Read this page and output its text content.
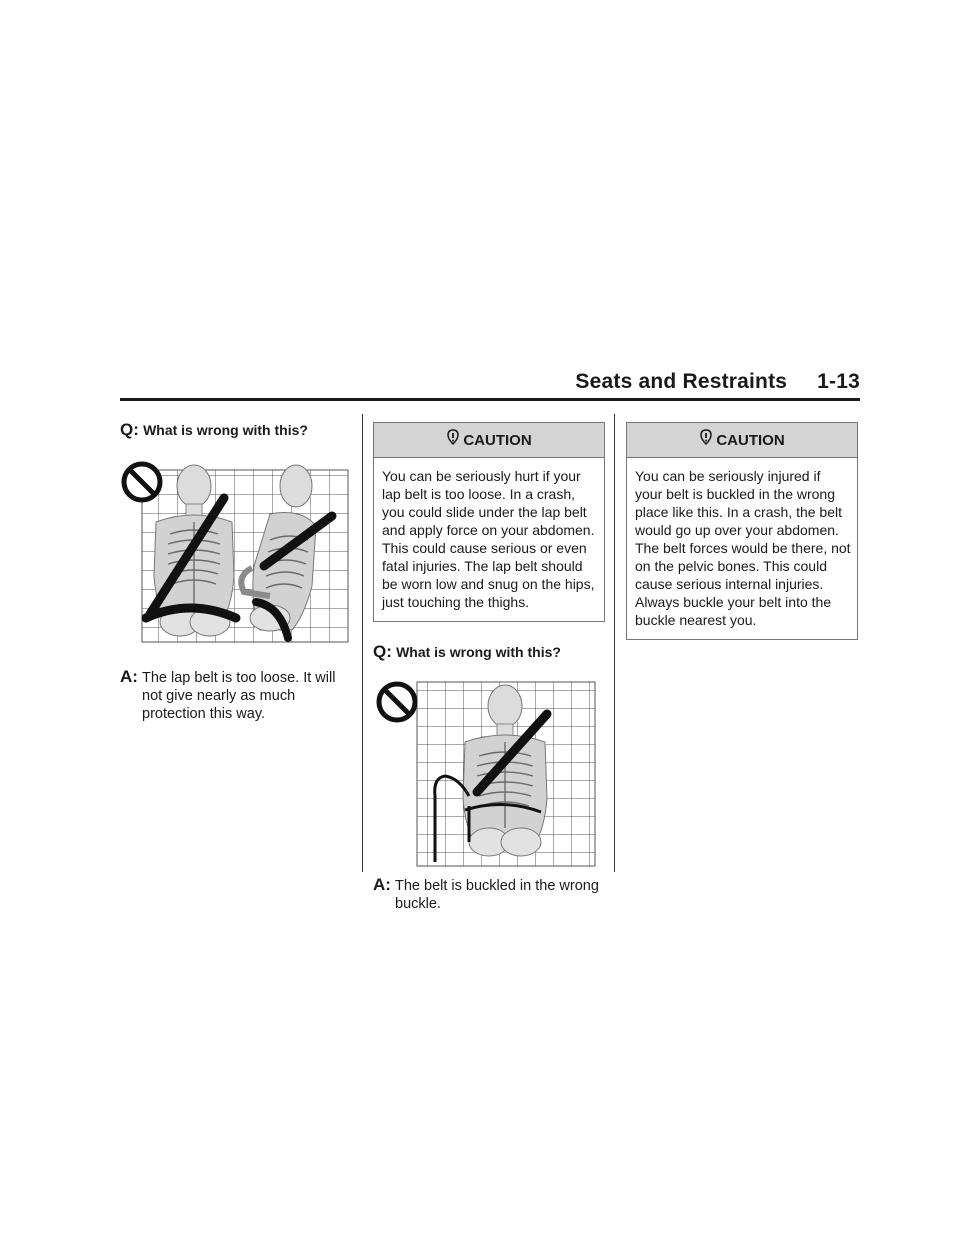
Seats and Restraints 1-13
Q: What is wrong with this?
A: The lap belt is too loose. It will not give nearly as much protection this way.
CAUTION
You can be seriously hurt if your lap belt is too loose. In a crash, you could slide under the lap belt and apply force on your abdomen. This could cause serious or even fatal injuries. The lap belt should be worn low and snug on the hips, just touching the thighs.
Q: What is wrong with this?
A: The belt is buckled in the wrong buckle.
CAUTION
You can be seriously injured if your belt is buckled in the wrong place like this. In a crash, the belt would go up over your abdomen. The belt forces would be there, not on the pelvic bones. This could cause serious internal injuries. Always buckle your belt into the buckle nearest you.
